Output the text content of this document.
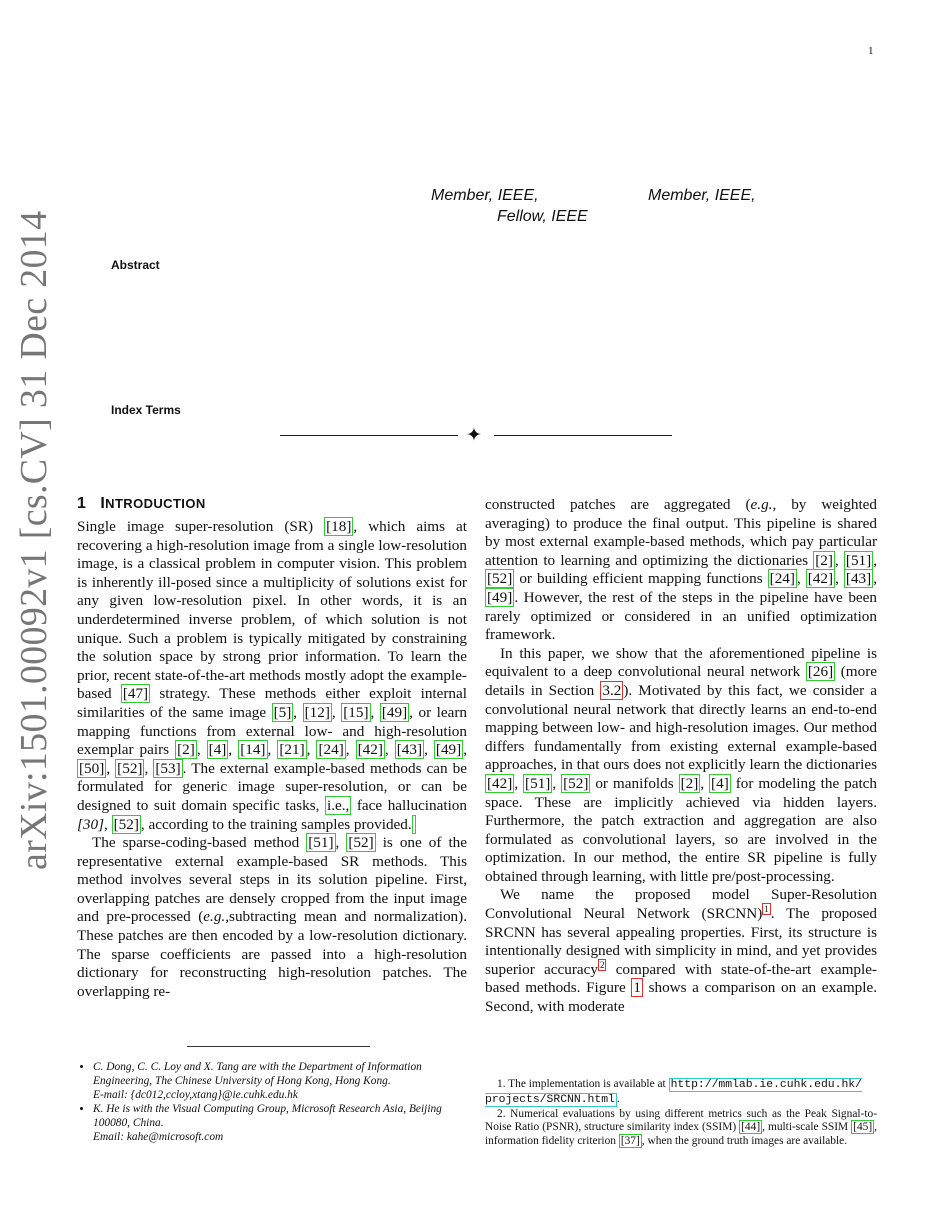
1
Member, IEEE,	Member, IEEE,
Fellow, IEEE
Abstract
Index Terms
✦
arXiv:1501.00092v1 [cs.CV] 31 Dec 2014 1 INTRODUCTION

Single image super-resolution (SR) [18] , which aims at recovering a high-resolution image from a single low-resolution image, is a classical problem in computer vision. This problem is inherently ill-posed since a multiplicity of solutions exist for any given low-resolution pixel. In other words, it is an underdetermined inverse problem, of which solution is not unique. Such a problem is typically mitigated by constraining the solution space by strong prior information. To learn the prior, recent state-of-the-art methods mostly adopt the example-based [47] strategy. These methods either exploit internal similarities of the same image [5] , [12] , [15] , [49] , or learn mapping functions from external low- and high-resolution exemplar pairs [2] , [4] , [14] , [21] , [24] , [42] , [43] , [49] , [50] , [52] , [53] . The external example-based methods can be formulated for generic image super-resolution, or can be designed to suit domain specific tasks, i.e., face hallucination [30], [52] , according to the training samples provided.

The sparse-coding-based method [51] , [52] is one of the representative external example-based SR methods. This method involves several steps in its solution pipeline. First, overlapping patches are densely cropped from the input image and pre-processed (e.g.,subtracting mean and normalization). These patches are then encoded by a low-resolution dictionary. The sparse coefficients are passed into a high-resolution dictionary for reconstructing high-resolution patches. The overlapping re-

• C. Dong, C. C. Loy and X. Tang are with the Department of Information Engineering, The Chinese University of Hong Kong, Hong Kong.
E-mail: {dc012,ccloy,xtang}@ie.cuhk.edu.hk
• K. He is with the Visual Computing Group, Microsoft Research Asia, Beijing 100080, China.
Email: kahe@microsoft.com

constructed patches are aggregated (e.g., by weighted averaging) to produce the final output. This pipeline is shared by most external example-based methods, which pay particular attention to learning and optimizing the dictionaries [2] , [51] , [52] or building efficient mapping functions [24] , [42] , [43] , [49] . However, the rest of the steps in the pipeline have been rarely optimized or considered in an unified optimization framework.

In this paper, we show that the aforementioned pipeline is equivalent to a deep convolutional neural network [26] (more details in Section 3.2 ). Motivated by this fact, we consider a convolutional neural network that directly learns an end-to-end mapping between low- and high-resolution images. Our method differs fundamentally from existing external example-based approaches, in that ours does not explicitly learn the dictionaries [42] , [51] , [52] or manifolds [2] , [4] for modeling the patch space. These are implicitly achieved via hidden layers. Furthermore, the patch extraction and aggregation are also formulated as convolutional layers, so are involved in the optimization. In our method, the entire SR pipeline is fully obtained through learning, with little pre/post-processing.

We name the proposed model Super-Resolution Convolutional Neural Network (SRCNN) $^1$ . The proposed SRCNN has several appealing properties. First, its structure is intentionally designed with simplicity in mind, and yet provides superior accuracy $^2$ compared with state-of-the-art example-based methods. Figure 1 shows a comparison on an example. Second, with moderate

1. The implementation is available at http://mmlab.ie.cuhk.edu.hk/
projects/SRCNN.html .

2. Numerical evaluations by using different metrics such as the Peak Signal-to-Noise Ratio (PSNR), structure similarity index (SSIM) [44] , multi-scale SSIM [45] , information fidelity criterion [37] , when the ground truth images are available.
